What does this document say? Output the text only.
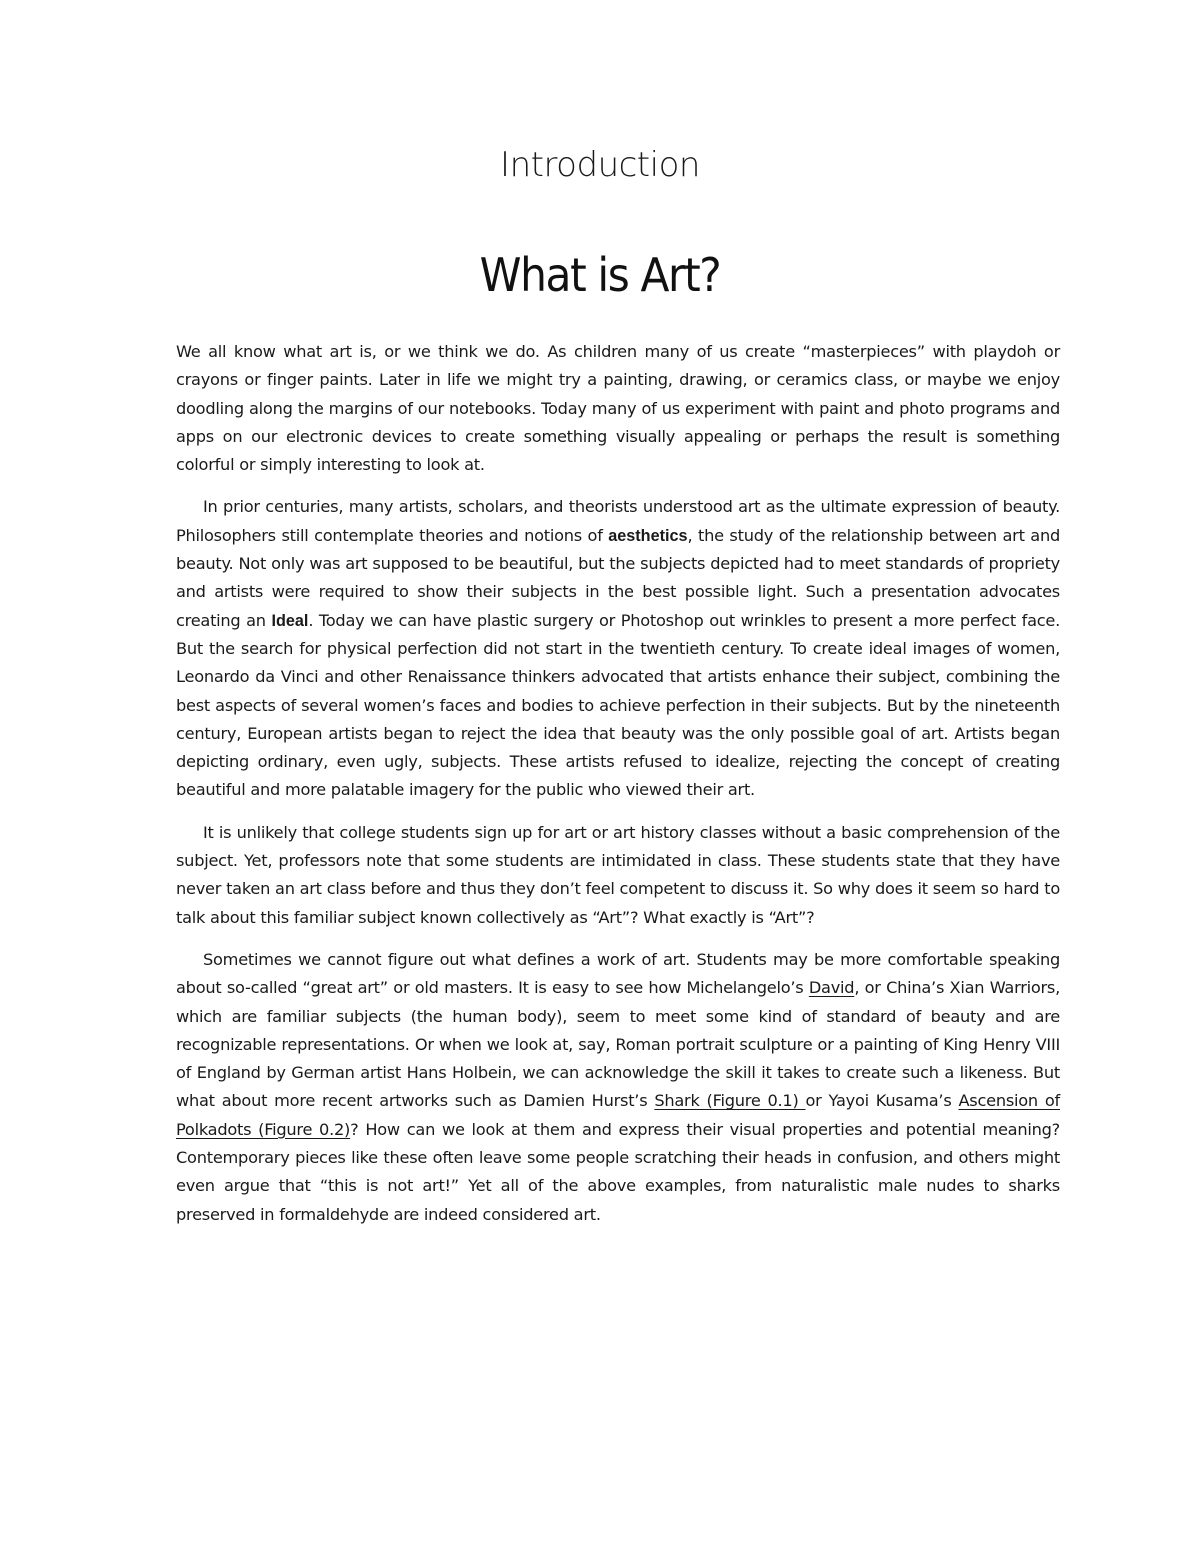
Introduction
What is Art?

We all know what art is, or we think we do. As children many of us create “masterpieces” with playdoh or crayons or finger paints. Later in life we might try a painting, drawing, or ceramics class, or maybe we enjoy doodling along the margins of our notebooks. Today many of us experiment with paint and photo programs and apps on our electronic devices to create something visually appealing or perhaps the result is something colorful or simply interesting to look at.

In prior centuries, many artists, scholars, and theorists understood art as the ultimate expression of beauty. Philosophers still contemplate theories and notions of aesthetics, the study of the relationship between art and beauty. Not only was art supposed to be beautiful, but the subjects depicted had to meet standards of propriety and artists were required to show their subjects in the best possible light. Such a presentation advocates creating an Ideal. Today we can have plastic surgery or Photoshop out wrinkles to present a more perfect face. But the search for physical perfection did not start in the twentieth century. To create ideal images of women, Leonardo da Vinci and other Renaissance thinkers advocated that artists enhance their subject, combining the best aspects of several women’s faces and bodies to achieve perfection in their subjects. But by the nineteenth century, European artists began to reject the idea that beauty was the only possible goal of art. Artists began depicting ordinary, even ugly, subjects. These artists refused to idealize, rejecting the concept of creating beautiful and more palatable imagery for the public who viewed their art.

It is unlikely that college students sign up for art or art history classes without a basic comprehension of the subject. Yet, professors note that some students are intimidated in class. These students state that they have never taken an art class before and thus they don’t feel competent to discuss it. So why does it seem so hard to talk about this familiar subject known collectively as “Art”? What exactly is “Art”?

Sometimes we cannot figure out what defines a work of art. Students may be more comfortable speaking about so-called “great art” or old masters. It is easy to see how Michelangelo’s David, or China’s Xian Warriors, which are familiar subjects (the human body), seem to meet some kind of standard of beauty and are recognizable representations. Or when we look at, say, Roman portrait sculpture or a painting of King Henry VIII of England by German artist Hans Holbein, we can acknowledge the skill it takes to create such a likeness. But what about more recent artworks such as Damien Hurst’s Shark (Figure 0.1) or Yayoi Kusama’s Ascension of Polkadots (Figure 0.2)? How can we look at them and express their visual properties and potential meaning? Contemporary pieces like these often leave some people scratching their heads in confusion, and others might even argue that “this is not art!” Yet all of the above examples, from naturalistic male nudes to sharks preserved in formaldehyde are indeed considered art.
